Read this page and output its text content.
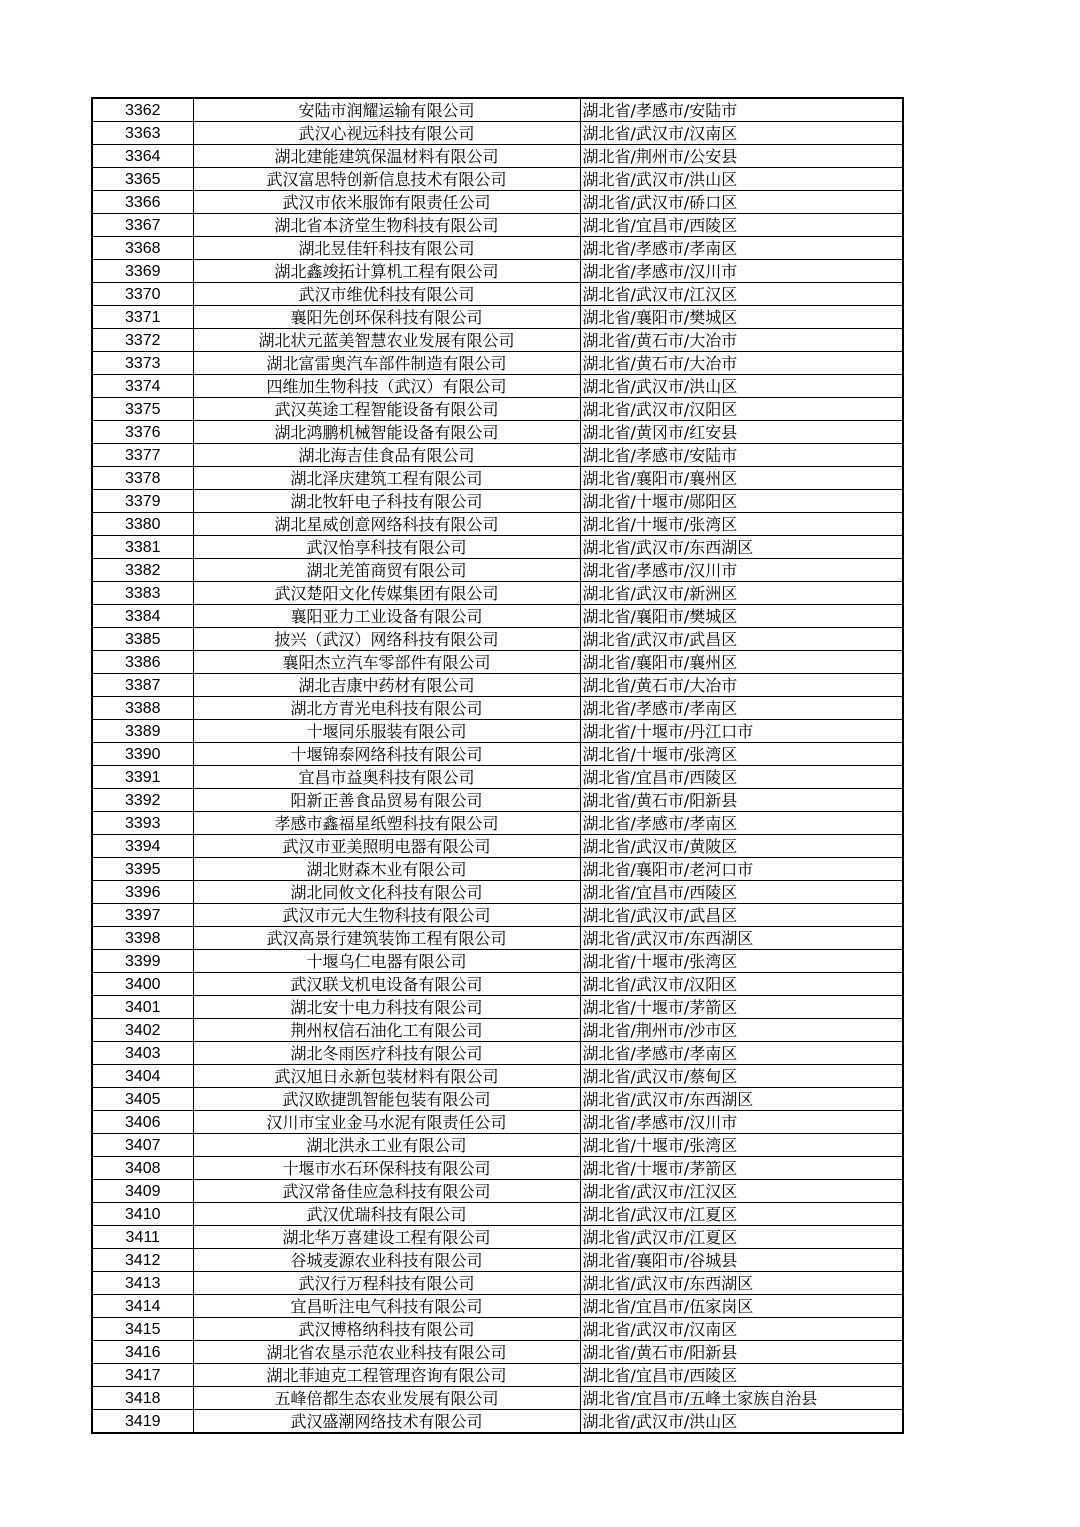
3362	安陆市润耀运输有限公司	湖北省/孝感市/安陆市
3363	武汉心视远科技有限公司	湖北省/武汉市/汉南区
3364	湖北建能建筑保温材料有限公司	湖北省/荆州市/公安县
3365	武汉富思特创新信息技术有限公司	湖北省/武汉市/洪山区
3366	武汉市依米服饰有限责任公司	湖北省/武汉市/硚口区
3367	湖北省本济堂生物科技有限公司	湖北省/宜昌市/西陵区
3368	湖北昱佳轩科技有限公司	湖北省/孝感市/孝南区
3369	湖北鑫竣拓计算机工程有限公司	湖北省/孝感市/汉川市
3370	武汉市维优科技有限公司	湖北省/武汉市/江汉区
3371	襄阳先创环保科技有限公司	湖北省/襄阳市/樊城区
3372	湖北状元蓝美智慧农业发展有限公司	湖北省/黄石市/大冶市
3373	湖北富雷奥汽车部件制造有限公司	湖北省/黄石市/大冶市
3374	四维加生物科技（武汉）有限公司	湖北省/武汉市/洪山区
3375	武汉英途工程智能设备有限公司	湖北省/武汉市/汉阳区
3376	湖北鸿鹏机械智能设备有限公司	湖北省/黄冈市/红安县
3377	湖北海吉佳食品有限公司	湖北省/孝感市/安陆市
3378	湖北泽庆建筑工程有限公司	湖北省/襄阳市/襄州区
3379	湖北牧轩电子科技有限公司	湖北省/十堰市/郧阳区
3380	湖北星威创意网络科技有限公司	湖北省/十堰市/张湾区
3381	武汉怡享科技有限公司	湖北省/武汉市/东西湖区
3382	湖北羌笛商贸有限公司	湖北省/孝感市/汉川市
3383	武汉楚阳文化传媒集团有限公司	湖北省/武汉市/新洲区
3384	襄阳亚力工业设备有限公司	湖北省/襄阳市/樊城区
3385	披兴（武汉）网络科技有限公司	湖北省/武汉市/武昌区
3386	襄阳杰立汽车零部件有限公司	湖北省/襄阳市/襄州区
3387	湖北吉康中药材有限公司	湖北省/黄石市/大冶市
3388	湖北方青光电科技有限公司	湖北省/孝感市/孝南区
3389	十堰同乐服装有限公司	湖北省/十堰市/丹江口市
3390	十堰锦泰网络科技有限公司	湖北省/十堰市/张湾区
3391	宜昌市益奥科技有限公司	湖北省/宜昌市/西陵区
3392	阳新正善食品贸易有限公司	湖北省/黄石市/阳新县
3393	孝感市鑫福星纸塑科技有限公司	湖北省/孝感市/孝南区
3394	武汉市亚美照明电器有限公司	湖北省/武汉市/黄陂区
3395	湖北财森木业有限公司	湖北省/襄阳市/老河口市
3396	湖北同攸文化科技有限公司	湖北省/宜昌市/西陵区
3397	武汉市元大生物科技有限公司	湖北省/武汉市/武昌区
3398	武汉高景行建筑装饰工程有限公司	湖北省/武汉市/东西湖区
3399	十堰乌仁电器有限公司	湖北省/十堰市/张湾区
3400	武汉联戈机电设备有限公司	湖北省/武汉市/汉阳区
3401	湖北安十电力科技有限公司	湖北省/十堰市/茅箭区
3402	荆州权信石油化工有限公司	湖北省/荆州市/沙市区
3403	湖北冬雨医疗科技有限公司	湖北省/孝感市/孝南区
3404	武汉旭日永新包装材料有限公司	湖北省/武汉市/蔡甸区
3405	武汉欧捷凯智能包装有限公司	湖北省/武汉市/东西湖区
3406	汉川市宝业金马水泥有限责任公司	湖北省/孝感市/汉川市
3407	湖北洪永工业有限公司	湖北省/十堰市/张湾区
3408	十堰市水石环保科技有限公司	湖北省/十堰市/茅箭区
3409	武汉常备佳应急科技有限公司	湖北省/武汉市/江汉区
3410	武汉优瑞科技有限公司	湖北省/武汉市/江夏区
3411	湖北华万喜建设工程有限公司	湖北省/武汉市/江夏区
3412	谷城麦源农业科技有限公司	湖北省/襄阳市/谷城县
3413	武汉行万程科技有限公司	湖北省/武汉市/东西湖区
3414	宜昌昕注电气科技有限公司	湖北省/宜昌市/伍家岗区
3415	武汉博格纳科技有限公司	湖北省/武汉市/汉南区
3416	湖北省农垦示范农业科技有限公司	湖北省/黄石市/阳新县
3417	湖北菲迪克工程管理咨询有限公司	湖北省/宜昌市/西陵区
3418	五峰倍都生态农业发展有限公司	湖北省/宜昌市/五峰土家族自治县
3419	武汉盛潮网络技术有限公司	湖北省/武汉市/洪山区
